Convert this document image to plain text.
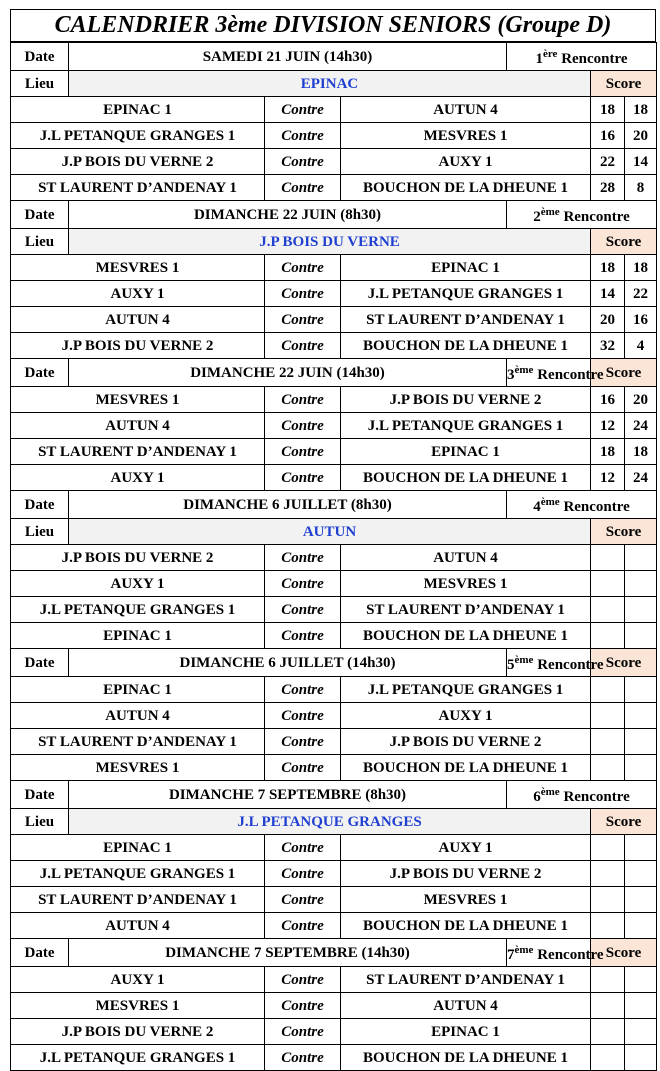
CALENDRIER 3ème DIVISION SENIORS (Groupe D)
Date	SAMEDI 21 JUIN (14h30)			1ère Rencontre		
Lieu	EPINAC				Score	
EPINAC 1		Contre	AUTUN 4		18	18
J.L PETANQUE GRANGES 1		Contre	MESVRES 1		16	20
J.P BOIS DU VERNE 2		Contre	AUXY 1		22	14
ST LAURENT D’ANDENAY 1		Contre	BOUCHON DE LA DHEUNE 1		28	8
Date	DIMANCHE 22 JUIN (8h30)			2ème Rencontre		
Lieu	J.P BOIS DU VERNE				Score	
MESVRES 1		Contre	EPINAC 1		18	18
AUXY 1		Contre	J.L PETANQUE GRANGES 1		14	22
AUTUN 4		Contre	ST LAURENT D’ANDENAY 1		20	16
J.P BOIS DU VERNE 2		Contre	BOUCHON DE LA DHEUNE 1		32	4
Date	DIMANCHE 22 JUIN (14h30)			3ème Rencontre	Score	
MESVRES 1		Contre	J.P BOIS DU VERNE 2		16	20
AUTUN 4		Contre	J.L PETANQUE GRANGES 1		12	24
ST LAURENT D’ANDENAY 1		Contre	EPINAC 1		18	18
AUXY 1		Contre	BOUCHON DE LA DHEUNE 1		12	24
Date	DIMANCHE 6 JUILLET (8h30)			4ème Rencontre		
Lieu	AUTUN				Score	
J.P BOIS DU VERNE 2		Contre	AUTUN 4			
AUXY 1		Contre	MESVRES 1			
J.L PETANQUE GRANGES 1		Contre	ST LAURENT D’ANDENAY 1			
EPINAC 1		Contre	BOUCHON DE LA DHEUNE 1			
Date	DIMANCHE 6 JUILLET (14h30)			5ème Rencontre	Score	
EPINAC 1		Contre	J.L PETANQUE GRANGES 1			
AUTUN 4		Contre	AUXY 1			
ST LAURENT D’ANDENAY 1		Contre	J.P BOIS DU VERNE 2			
MESVRES 1		Contre	BOUCHON DE LA DHEUNE 1			
Date	DIMANCHE 7 SEPTEMBRE (8h30)			6ème Rencontre		
Lieu	J.L PETANQUE GRANGES				Score	
EPINAC 1		Contre	AUXY 1			
J.L PETANQUE GRANGES 1		Contre	J.P BOIS DU VERNE 2			
ST LAURENT D’ANDENAY 1		Contre	MESVRES 1			
AUTUN 4		Contre	BOUCHON DE LA DHEUNE 1			
Date	DIMANCHE 7 SEPTEMBRE (14h30)			7ème Rencontre	Score	
AUXY 1		Contre	ST LAURENT D’ANDENAY 1			
MESVRES 1		Contre	AUTUN 4			
J.P BOIS DU VERNE 2		Contre	EPINAC 1			
J.L PETANQUE GRANGES 1		Contre	BOUCHON DE LA DHEUNE 1			
